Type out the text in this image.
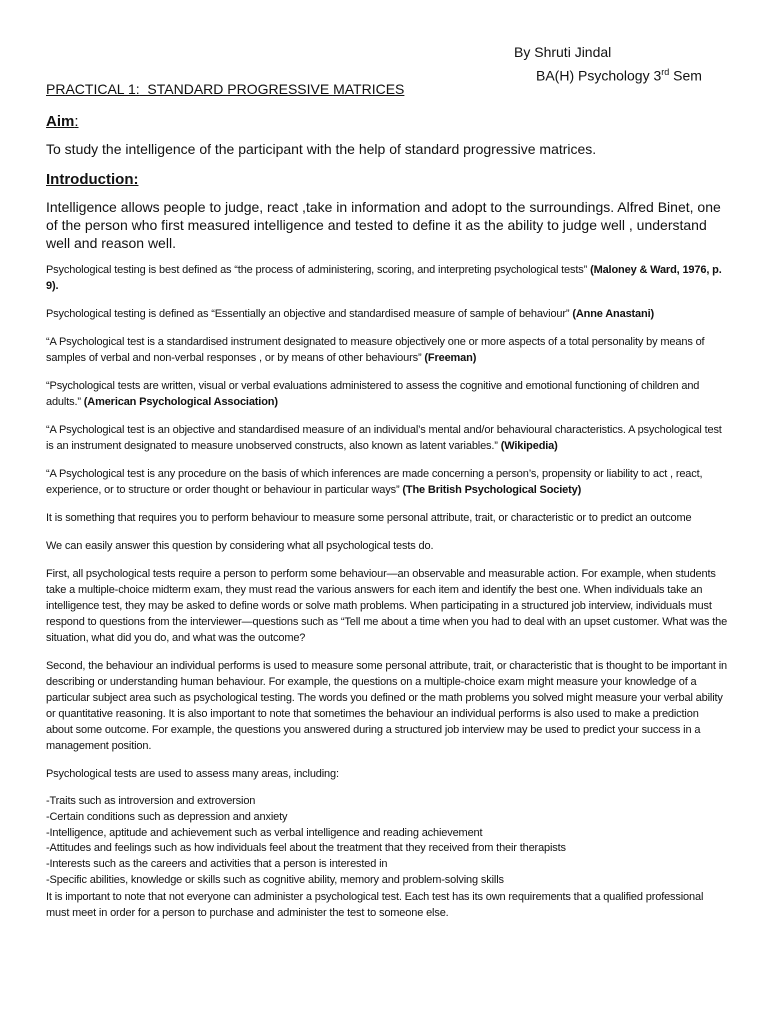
By Shruti Jindal
BA(H) Psychology 3rd Sem

PRACTICAL 1:  STANDARD PROGRESSIVE MATRICES

Aim:

To study the intelligence of the participant with the help of standard progressive matrices.

Introduction:

Intelligence allows people to judge, react ,take in information and adopt to the surroundings. Alfred Binet, one of the person who first measured intelligence and tested to define it as the ability to judge well , understand well and reason well.

Psychological testing is best defined as “the process of administering, scoring, and interpreting psychological tests” (Maloney & Ward, 1976, p. 9).

Psychological testing is defined as “Essentially an objective and standardised measure of sample of behaviour” (Anne Anastani)

“A Psychological test is a standardised instrument designated to measure objectively one or more aspects of a total personality by means of samples of verbal and non-verbal responses , or by means of other behaviours” (Freeman)

“Psychological tests are written, visual or verbal evaluations administered to assess the cognitive and emotional functioning of children and adults.” (American Psychological Association)

“A Psychological test is an objective and standardised measure of an individual’s mental and/or behavioural characteristics. A psychological test is an instrument designated to measure unobserved constructs, also known as latent variables.” (Wikipedia)

“A Psychological test is any procedure on the basis of which inferences are made concerning a person’s, propensity or liability to act , react, experience, or to structure or order thought or behaviour in particular ways” (The British Psychological Society)

It is something that requires you to perform behaviour to measure some personal attribute, trait, or characteristic or to predict an outcome

We can easily answer this question by considering what all psychological tests do.

First, all psychological tests require a person to perform some behaviour—an observable and measurable action. For example, when students take a multiple-choice midterm exam, they must read the various answers for each item and identify the best one. When individuals take an intelligence test, they may be asked to define words or solve math problems. When participating in a structured job interview, individuals must respond to questions from the interviewer—questions such as “Tell me about a time when you had to deal with an upset customer. What was the situation, what did you do, and what was the outcome?

Second, the behaviour an individual performs is used to measure some personal attribute, trait, or characteristic that is thought to be important in describing or understanding human behaviour. For example, the questions on a multiple-choice exam might measure your knowledge of a particular subject area such as psychological testing. The words you defined or the math problems you solved might measure your verbal ability or quantitative reasoning. It is also important to note that sometimes the behaviour an individual performs is also used to make a prediction about some outcome. For example, the questions you answered during a structured job interview may be used to predict your success in a management position.

Psychological tests are used to assess many areas, including:

-Traits such as introversion and extroversion
-Certain conditions such as depression and anxiety
-Intelligence, aptitude and achievement such as verbal intelligence and reading achievement
-Attitudes and feelings such as how individuals feel about the treatment that they received from their therapists
-Interests such as the careers and activities that a person is interested in
-Specific abilities, knowledge or skills such as cognitive ability, memory and problem-solving skills

It is important to note that not everyone can administer a psychological test. Each test has its own requirements that a qualified professional must meet in order for a person to purchase and administer the test to someone else.
